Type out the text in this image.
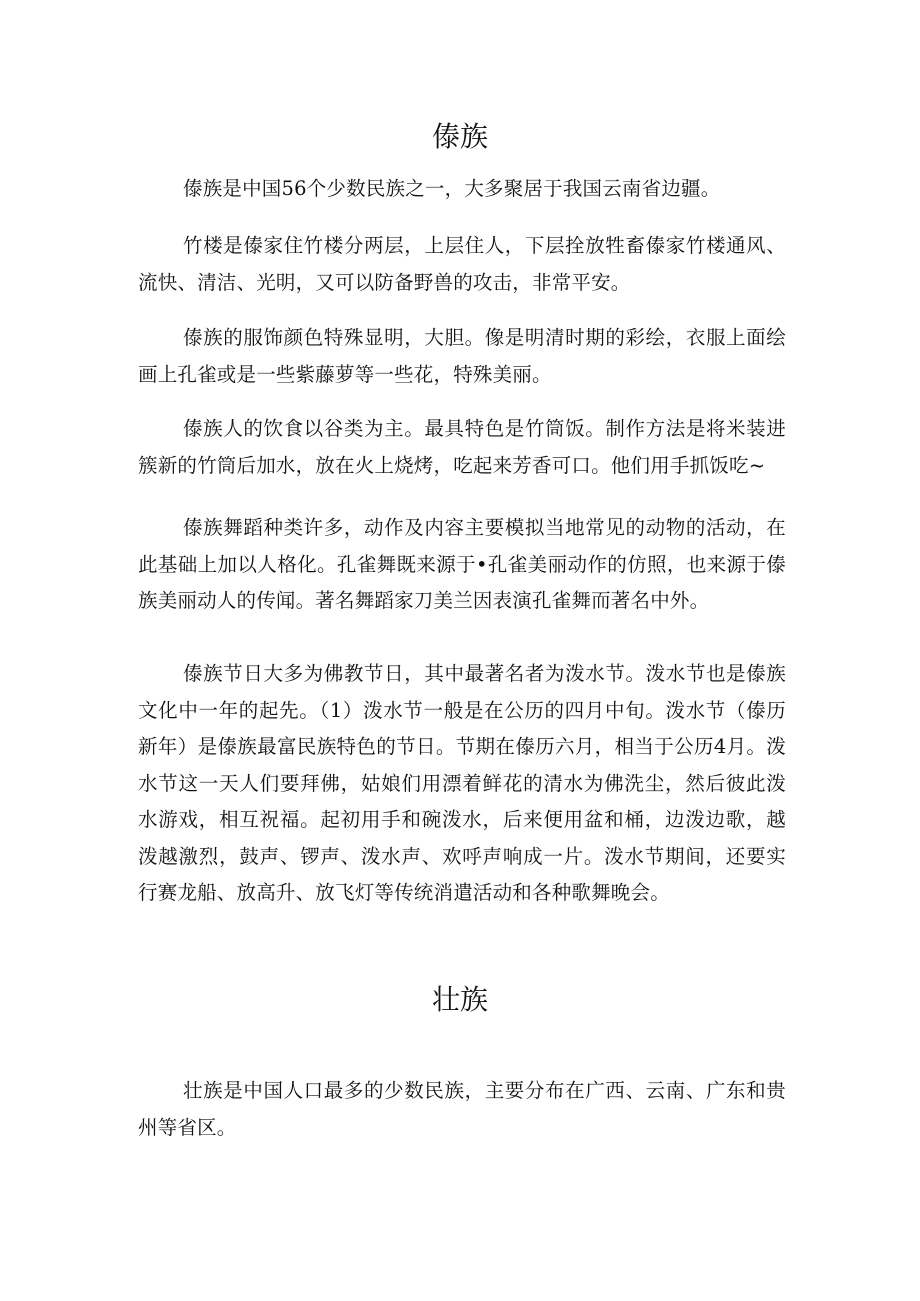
傣族

傣族是中国56个少数民族之一，大多聚居于我国云南省边疆。

竹楼是傣家住竹楼分两层，上层住人，下层拴放牲畜傣家竹楼通风、流快、清洁、光明，又可以防备野兽的攻击，非常平安。

傣族的服饰颜色特殊显明，大胆。像是明清时期的彩绘，衣服上面绘画上孔雀或是一些紫藤萝等一些花，特殊美丽。

傣族人的饮食以谷类为主。最具特色是竹筒饭。制作方法是将米装进簇新的竹筒后加水，放在火上烧烤，吃起来芳香可口。他们用手抓饭吃~

傣族舞蹈种类许多，动作及内容主要模拟当地常见的动物的活动，在此基础上加以人格化。孔雀舞既来源于•孔雀美丽动作的仿照，也来源于傣族美丽动人的传闻。著名舞蹈家刀美兰因表演孔雀舞而著名中外。

傣族节日大多为佛教节日，其中最著名者为泼水节。泼水节也是傣族文化中一年的起先。（1）泼水节一般是在公历的四月中旬。泼水节（傣历新年）是傣族最富民族特色的节日。节期在傣历六月，相当于公历4月。泼水节这一天人们要拜佛，姑娘们用漂着鲜花的清水为佛洗尘，然后彼此泼水游戏，相互祝福。起初用手和碗泼水，后来便用盆和桶，边泼边歌，越泼越激烈，鼓声、锣声、泼水声、欢呼声响成一片。泼水节期间，还要实行赛龙船、放高升、放飞灯等传统消遣活动和各种歌舞晚会。

壮族

壮族是中国人口最多的少数民族，主要分布在广西、云南、广东和贵州等省区。
